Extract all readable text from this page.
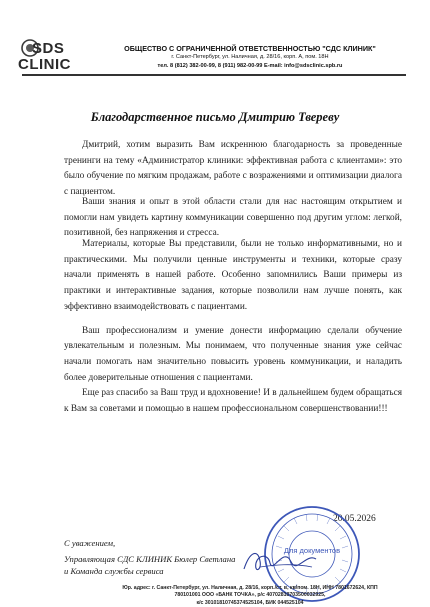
SDS
CLINIC
ОБЩЕСТВО С ОГРАНИЧЕННОЙ ОТВЕТСТВЕННОСТЬЮ "СДС КЛИНИК"
г. Санкт-Петербург, ул. Наличная, д. 28/16, корп. А, пом. 18Н
тел. 8 (812) 382-00-99, 8 (911) 982-00-99 E-mail: info@sdsclinic.spb.ru
Благодарственное письмо Дмитрию Твереву

Дмитрий, хотим выразить Вам искреннюю благодарность за проведенные тренинги на тему «Администратор клиники: эффективная работа с клиентами»: это было обучение по мягким продажам, работе с возражениями и оптимизации диалога с пациентом.

Ваши знания и опыт в этой области стали для нас настоящим открытием и помогли нам увидеть картину коммуникации совершенно под другим углом: легкой, позитивной, без напряжения и стресса.

Материалы, которые Вы представили, были не только информативными, но и практическими. Мы получили ценные инструменты и техники, которые сразу начали применять в нашей работе. Особенно запомнились Ваши примеры из практики и интерактивные задания, которые позволили нам лучше понять, как эффективно взаимодействовать с пациентами.

Ваш профессионализм и умение донести информацию сделали обучение увлекательным и полезным. Мы понимаем, что полученные знания уже сейчас начали помогать нам значительно повысить уровень коммуникации, и наладить более доверительные отношения с пациентами.

Еще раз спасибо за Ваш труд и вдохновение! И в дальнейшем будем обращаться к Вам за советами и помощью в нашем профессиональном совершенствовании!!!

20.05.2026
Для документов
С уважением,
Управляющая СДС КЛИНИК Бюлер Светлана
и Команда службы сервиса
Юр. адрес: г. Санкт-Петербург, ул. Наличная, д. 28/16, корп./ст. в, кв/пом. 18Н, ИНН 7801672624, КПП
780101001 ООО «БАНК ТОЧКА», р/с 40702810703500032925,
к/с 30101810745374525104, БИК 044525104
